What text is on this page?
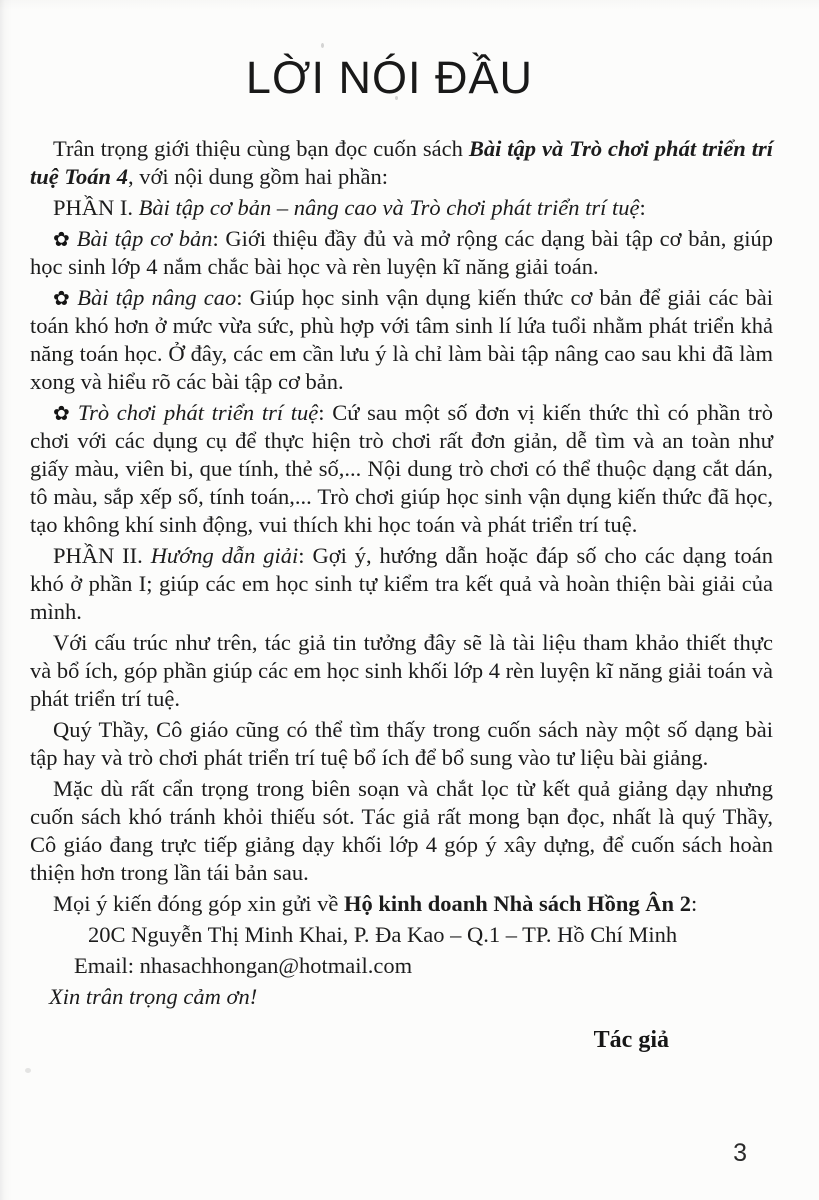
LỜI NÓI ĐẦU

Trân trọng giới thiệu cùng bạn đọc cuốn sách Bài tập và Trò chơi phát triển trí tuệ Toán 4, với nội dung gồm hai phần:

PHẦN I. Bài tập cơ bản – nâng cao và Trò chơi phát triển trí tuệ:

✿ Bài tập cơ bản: Giới thiệu đầy đủ và mở rộng các dạng bài tập cơ bản, giúp học sinh lớp 4 nắm chắc bài học và rèn luyện kĩ năng giải toán.

✿ Bài tập nâng cao: Giúp học sinh vận dụng kiến thức cơ bản để giải các bài toán khó hơn ở mức vừa sức, phù hợp với tâm sinh lí lứa tuổi nhằm phát triển khả năng toán học. Ở đây, các em cần lưu ý là chỉ làm bài tập nâng cao sau khi đã làm xong và hiểu rõ các bài tập cơ bản.

✿ Trò chơi phát triển trí tuệ: Cứ sau một số đơn vị kiến thức thì có phần trò chơi với các dụng cụ để thực hiện trò chơi rất đơn giản, dễ tìm và an toàn như giấy màu, viên bi, que tính, thẻ số,... Nội dung trò chơi có thể thuộc dạng cắt dán, tô màu, sắp xếp số, tính toán,... Trò chơi giúp học sinh vận dụng kiến thức đã học, tạo không khí sinh động, vui thích khi học toán và phát triển trí tuệ.

PHẦN II. Hướng dẫn giải: Gợi ý, hướng dẫn hoặc đáp số cho các dạng toán khó ở phần I; giúp các em học sinh tự kiểm tra kết quả và hoàn thiện bài giải của mình.

Với cấu trúc như trên, tác giả tin tưởng đây sẽ là tài liệu tham khảo thiết thực và bổ ích, góp phần giúp các em học sinh khối lớp 4 rèn luyện kĩ năng giải toán và phát triển trí tuệ.

Quý Thầy, Cô giáo cũng có thể tìm thấy trong cuốn sách này một số dạng bài tập hay và trò chơi phát triển trí tuệ bổ ích để bổ sung vào tư liệu bài giảng.

Mặc dù rất cẩn trọng trong biên soạn và chắt lọc từ kết quả giảng dạy nhưng cuốn sách khó tránh khỏi thiếu sót. Tác giả rất mong bạn đọc, nhất là quý Thầy, Cô giáo đang trực tiếp giảng dạy khối lớp 4 góp ý xây dựng, để cuốn sách hoàn thiện hơn trong lần tái bản sau.

Mọi ý kiến đóng góp xin gửi về Hộ kinh doanh Nhà sách Hồng Ân 2:

20C Nguyễn Thị Minh Khai, P. Đa Kao – Q.1 – TP. Hồ Chí Minh

Email: nhasachhongan@hotmail.com

Xin trân trọng cảm ơn!

Tác giả
3
